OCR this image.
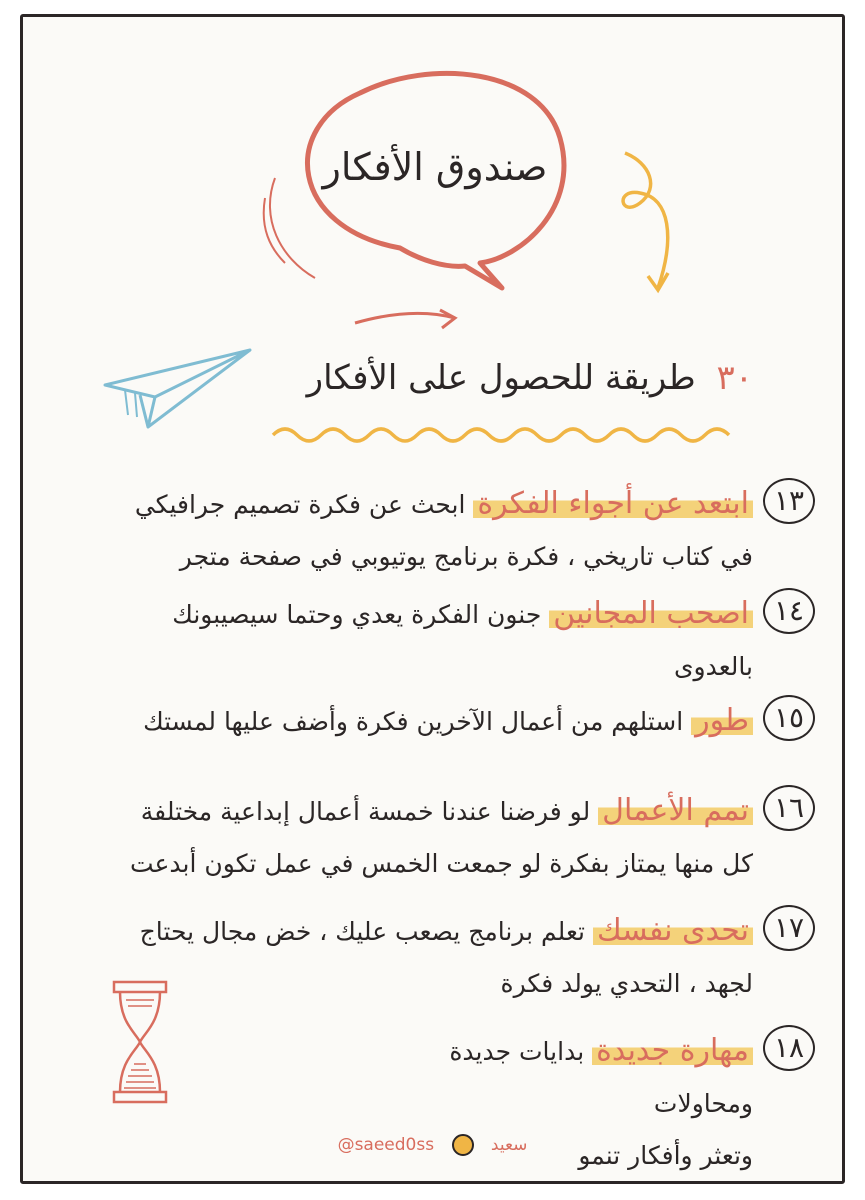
صندوق الأفكار
٣٠ طريقة للحصول على الأفكار
١٣
ابتعد عن أجواء الفكرة ابحث عن فكرة تصميم جرافيكي
في كتاب تاريخي ، فكرة برنامج يوتيوبي في صفحة متجر
١٤
اصحب المجانين جنون الفكرة يعدي وحتما سيصيبونك
بالعدوى
١٥
طور استلهم من أعمال الآخرين فكرة وأضف عليها لمستك
١٦
تمم الأعمال لو فرضنا عندنا خمسة أعمال إبداعية مختلفة
كل منها يمتاز بفكرة لو جمعت الخمس في عمل تكون أبدعت
١٧
تحدى نفسك تعلم برنامج يصعب عليك ، خض مجال يحتاج
لجهد ، التحدي يولد فكرة
١٨
مهارة جديدة بدايات جديدة ومحاولات
وتعثر وأفكار تنمو
@saeed0ss	سعيد
